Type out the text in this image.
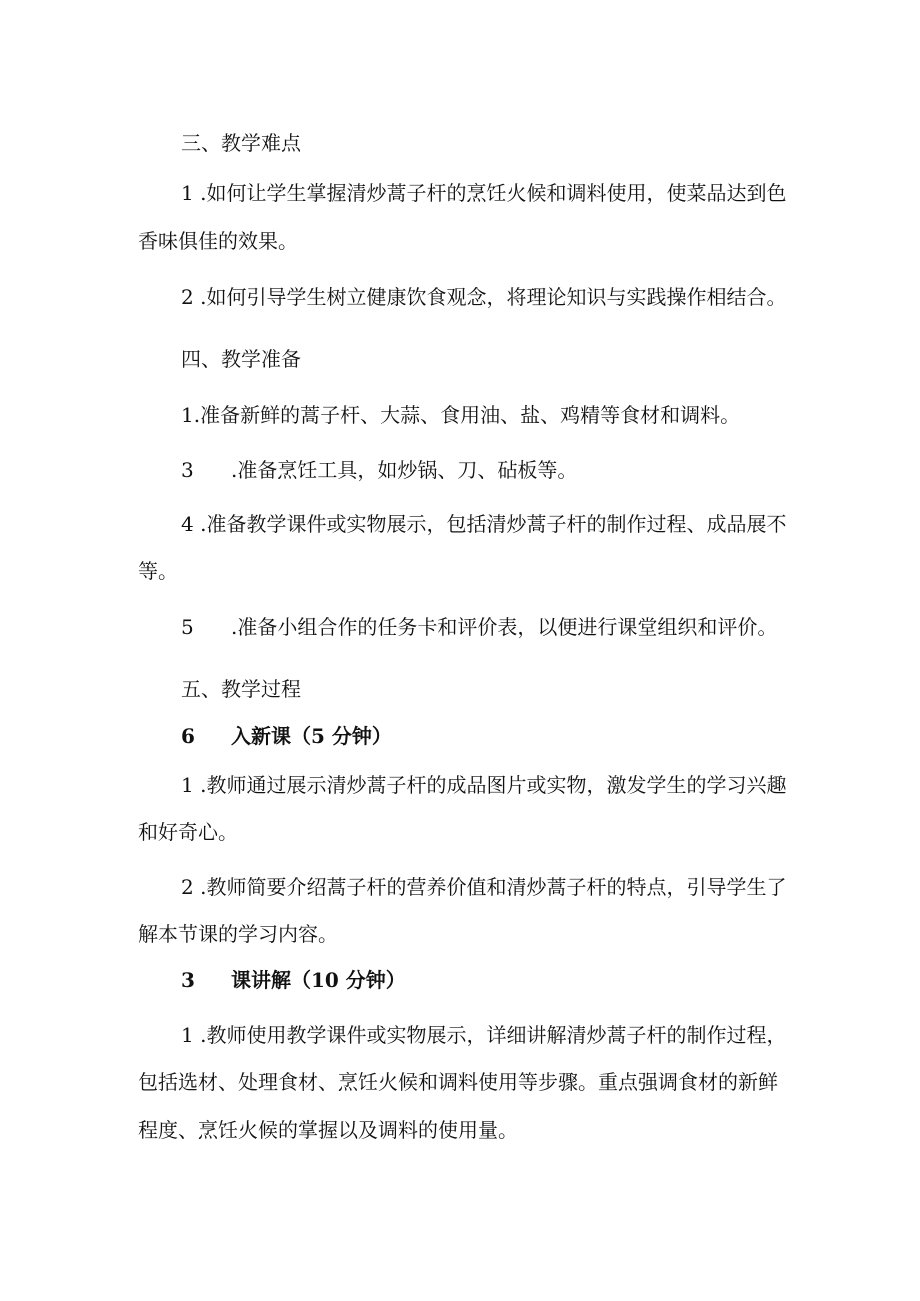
三、教学难点
1 .如何让学生掌握清炒蒿子杆的烹饪火候和调料使用，使菜品达到色
香味俱佳的效果。
2 .如何引导学生树立健康饮食观念，将理论知识与实践操作相结合。
四、教学准备
1.准备新鲜的蒿子杆、大蒜、食用油、盐、鸡精等食材和调料。
3 .准备烹饪工具，如炒锅、刀、砧板等。
4 .准备教学课件或实物展示，包括清炒蒿子杆的制作过程、成品展不
等。
5 .准备小组合作的任务卡和评价表，以便进行课堂组织和评价。
五、教学过程
6 入新课（5 分钟）
1 .教师通过展示清炒蒿子杆的成品图片或实物，激发学生的学习兴趣
和好奇心。
2 .教师简要介绍蒿子杆的营养价值和清炒蒿子杆的特点，引导学生了
解本节课的学习内容。
3 课讲解（10 分钟）
1 .教师使用教学课件或实物展示，详细讲解清炒蒿子杆的制作过程，
包括选材、处理食材、烹饪火候和调料使用等步骤。重点强调食材的新鲜
程度、烹饪火候的掌握以及调料的使用量。
